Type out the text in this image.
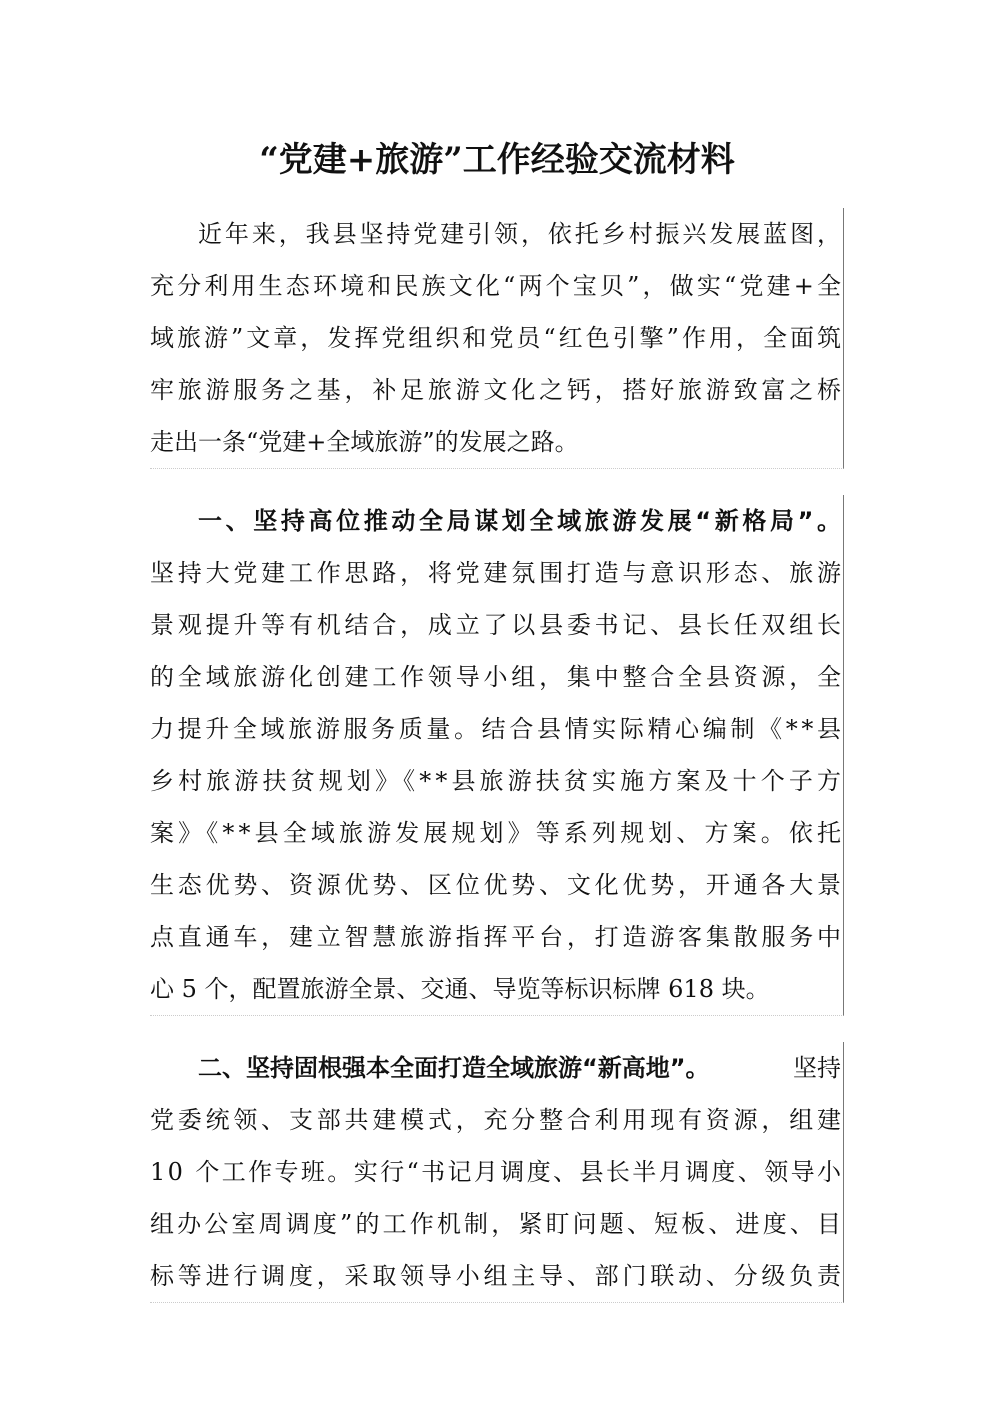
“党建+旅游”工作经验交流材料
近年来，我县坚持党建引领，依托乡村振兴发展蓝图，
充分利用生态环境和民族文化“两个宝贝”，做实“党建+全
域旅游”文章，发挥党组织和党员“红色引擎”作用，全面筑
牢旅游服务之基，补足旅游文化之钙，搭好旅游致富之桥
走出一条“党建+全域旅游”的发展之路。
一、坚持高位推动全局谋划全域旅游发展“新格局”。
坚持大党建工作思路，将党建氛围打造与意识形态、旅游
景观提升等有机结合，成立了以县委书记、县长任双组长
的全域旅游化创建工作领导小组，集中整合全县资源，全
力提升全域旅游服务质量。结合县情实际精心编制《**县
乡村旅游扶贫规划》《**县旅游扶贫实施方案及十个子方
案》《**县全域旅游发展规划》等系列规划、方案。依托
生态优势、资源优势、区位优势、文化优势，开通各大景
点直通车，建立智慧旅游指挥平台，打造游客集散服务中
心 5 个，配置旅游全景、交通、导览等标识标牌 618 块。
二、坚持固根强本全面打造全域旅游“新高地”。	坚持
党委统领、支部共建模式，充分整合利用现有资源，组建
10 个工作专班。实行“书记月调度、县长半月调度、领导小
组办公室周调度”的工作机制，紧盯问题、短板、进度、目
标等进行调度，采取领导小组主导、部门联动、分级负责
